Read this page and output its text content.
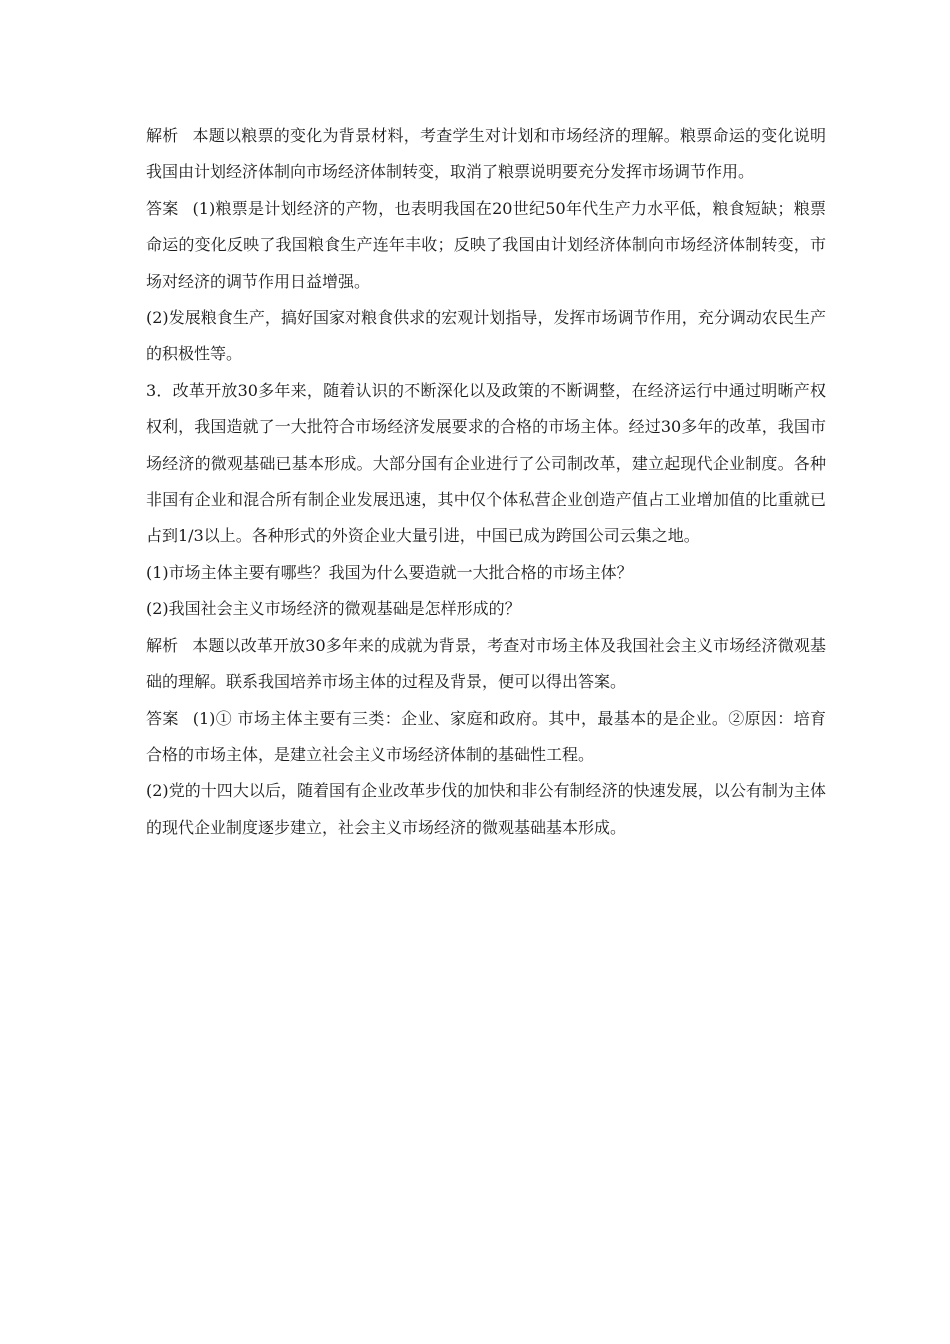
解析 本题以粮票的变化为背景材料，考查学生对计划和市场经济的理解。粮票命运的变化说明我国由计划经济体制向市场经济体制转变，取消了粮票说明要充分发挥市场调节作用。

答案 (1)粮票是计划经济的产物，也表明我国在20世纪50年代生产力水平低，粮食短缺；粮票命运的变化反映了我国粮食生产连年丰收；反映了我国由计划经济体制向市场经济体制转变，市场对经济的调节作用日益增强。

(2)发展粮食生产，搞好国家对粮食供求的宏观计划指导，发挥市场调节作用，充分调动农民生产的积极性等。

3．改革开放30多年来，随着认识的不断深化以及政策的不断调整，在经济运行中通过明晰产权权利，我国造就了一大批符合市场经济发展要求的合格的市场主体。经过30多年的改革，我国市场经济的微观基础已基本形成。大部分国有企业进行了公司制改革，建立起现代企业制度。各种非国有企业和混合所有制企业发展迅速，其中仅个体私营企业创造产值占工业增加值的比重就已占到1/3以上。各种形式的外资企业大量引进，中国已成为跨国公司云集之地。

(1)市场主体主要有哪些？我国为什么要造就一大批合格的市场主体？

(2)我国社会主义市场经济的微观基础是怎样形成的？

解析 本题以改革开放30多年来的成就为背景，考查对市场主体及我国社会主义市场经济微观基础的理解。联系我国培养市场主体的过程及背景，便可以得出答案。

答案 (1)① 市场主体主要有三类：企业、家庭和政府。其中，最基本的是企业。②原因：培育合格的市场主体，是建立社会主义市场经济体制的基础性工程。

(2)党的十四大以后，随着国有企业改革步伐的加快和非公有制经济的快速发展，以公有制为主体的现代企业制度逐步建立，社会主义市场经济的微观基础基本形成。
